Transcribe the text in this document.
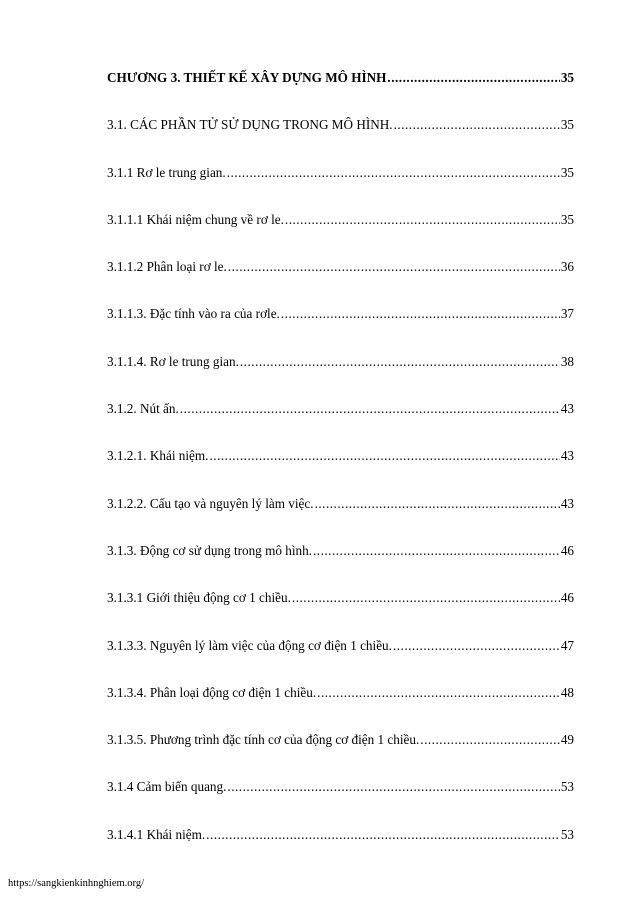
CHƯƠNG 3. THIẾT KẾ XÂY DỰNG MÔ HÌNH .....	35
3.1. CÁC PHẦN TỬ SỬ DỤNG TRONG MÔ HÌNH. .....	35
3.1.1 Rơ le trung gian. .....	35
3.1.1.1 Khái niệm chung về rơ le. .....	35
3.1.1.2 Phân loại rơ le. .....	36
3.1.1.3. Đặc tính vào ra của rơle. .....	37
3.1.1.4. Rơ le trung gian. .....	38
3.1.2. Nút ấn. .....	43
3.1.2.1. Khái niệm. .....	43
3.1.2.2. Cấu tạo và nguyên lý làm việc. .....	43
3.1.3. Động cơ sử dụng trong mô hình. .....	46
3.1.3.1 Giới thiệu động cơ 1 chiều. .....	46
3.1.3.3. Nguyên lý làm việc của động cơ điện 1 chiều. .....	47
3.1.3.4. Phân loại động cơ điện 1 chiều. .....	48
3.1.3.5. Phương trình đặc tính cơ của động cơ điện 1 chiều. .....	49
3.1.4 Cảm biến quang. .....	53
3.1.4.1 Khái niệm. .....	53
https://sangkienkinhnghiem.org/
